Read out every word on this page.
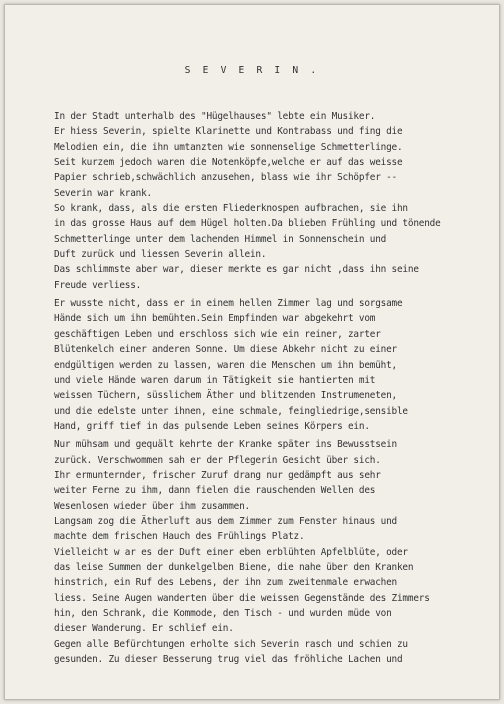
S E V E R I N .
In der Stadt unterhalb des "Hügelhauses" lebte ein Musiker.
Er hiess Severin, spielte Klarinette und Kontrabass und fing die
Melodien ein, die ihn umtanzten wie sonnenselige Schmetterlinge.
Seit kurzem jedoch waren die Notenköpfe,welche er auf das weisse
Papier schrieb,schwächlich anzusehen, blass wie ihr Schöpfer --
Severin war krank.
So krank, dass, als die ersten Fliederknospen aufbrachen, sie ihn
in das grosse Haus auf dem Hügel holten.Da blieben Frühling und tönende
Schmetterlinge unter dem lachenden Himmel in Sonnenschein und
Duft zurück und liessen Severin allein.
Das schlimmste aber war, dieser merkte es gar nicht ,dass ihn seine
Freude verliess.
Er wusste nicht, dass er in einem hellen Zimmer lag und sorgsame
Hände sich um ihn bemühten.Sein Empfinden war abgekehrt vom
geschäftigen Leben und erschloss sich wie ein reiner, zarter
Blütenkelch einer anderen Sonne. Um diese Abkehr nicht zu einer
endgültigen werden zu lassen, waren die Menschen um ihn bemüht,
und viele Hände waren darum in Tätigkeit sie hantierten mit
weissen Tüchern, süsslichem Äther und blitzenden Instrumeneten,
und die edelste unter ihnen, eine schmale, feingliedrige,sensible
Hand, griff tief in das pulsende Leben seines Körpers ein.
Nur mühsam und gequält kehrte der Kranke später ins Bewusstsein
zurück. Verschwommen sah er der Pflegerin Gesicht über sich.
Ihr ermunternder, frischer Zuruf drang nur gedämpft aus sehr
weiter Ferne zu ihm, dann fielen die rauschenden Wellen des
Wesenlosen wieder über ihm zusammen.
Langsam zog die Ätherluft aus dem Zimmer zum Fenster hinaus und
machte dem frischen Hauch des Frühlings Platz.
Vielleicht w ar es der Duft einer eben erblühten Apfelblüte, oder
das leise Summen der dunkelgelben Biene, die nahe über den Kranken
hinstrich, ein Ruf des Lebens, der ihn zum zweitenmale erwachen
liess. Seine Augen wanderten über die weissen Gegenstände des Zimmers
hin, den Schrank, die Kommode, den Tisch - und wurden müde von
dieser Wanderung. Er schlief ein.
Gegen alle Befürchtungen erholte sich Severin rasch und schien zu
gesunden. Zu dieser Besserung trug viel das fröhliche Lachen und
